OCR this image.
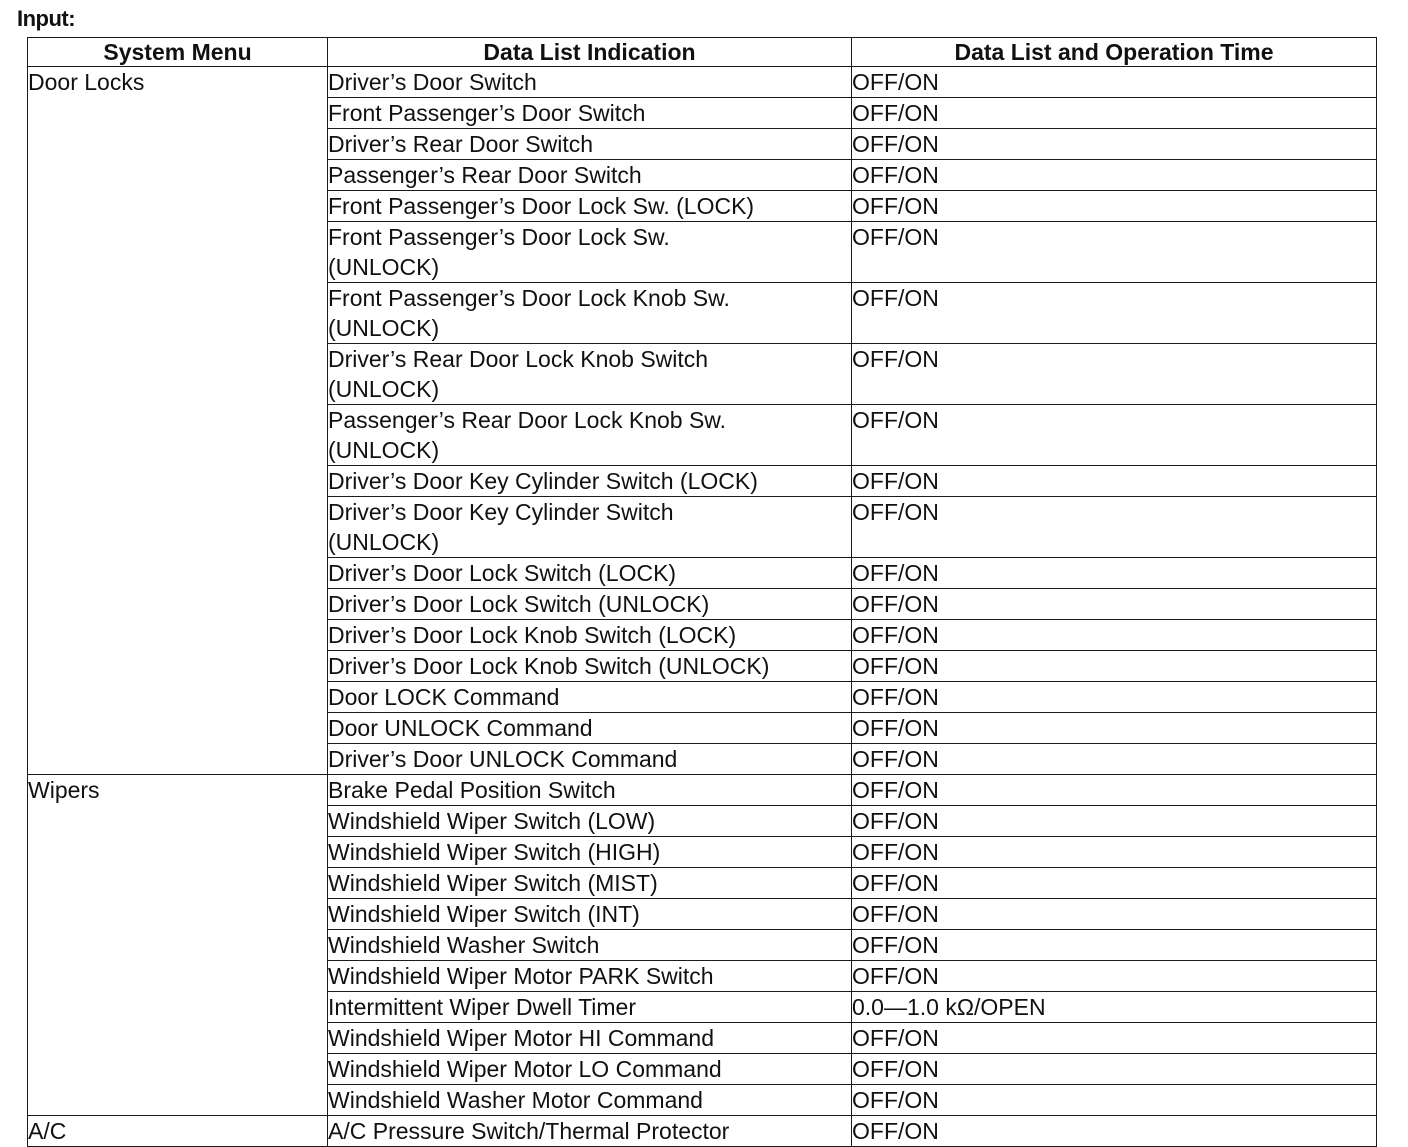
Input:
System Menu	Data List Indication	Data List and Operation Time
Door Locks	Driver’s Door Switch	OFF/ON

	Front Passenger’s Door Switch	OFF/ON

	Driver’s Rear Door Switch	OFF/ON

	Passenger’s Rear Door Switch	OFF/ON

	Front Passenger’s Door Lock Sw. (LOCK)	OFF/ON

	Front Passenger’s Door Lock Sw.
(UNLOCK)	OFF/ON

	Front Passenger’s Door Lock Knob Sw.
(UNLOCK)	OFF/ON

	Driver’s Rear Door Lock Knob Switch
(UNLOCK)	OFF/ON

	Passenger’s Rear Door Lock Knob Sw.
(UNLOCK)	OFF/ON

	Driver’s Door Key Cylinder Switch (LOCK)	OFF/ON

	Driver’s Door Key Cylinder Switch
(UNLOCK)	OFF/ON

	Driver’s Door Lock Switch (LOCK)	OFF/ON

	Driver’s Door Lock Switch (UNLOCK)	OFF/ON

	Driver’s Door Lock Knob Switch (LOCK)	OFF/ON

	Driver’s Door Lock Knob Switch (UNLOCK)	OFF/ON

	Door LOCK Command	OFF/ON

	Door UNLOCK Command	OFF/ON

	Driver’s Door UNLOCK Command	OFF/ON
Wipers	Brake Pedal Position Switch	OFF/ON

	Windshield Wiper Switch (LOW)	OFF/ON

	Windshield Wiper Switch (HIGH)	OFF/ON

	Windshield Wiper Switch (MIST)	OFF/ON

	Windshield Wiper Switch (INT)	OFF/ON

	Windshield Washer Switch	OFF/ON

	Windshield Wiper Motor PARK Switch	OFF/ON

	Intermittent Wiper Dwell Timer	0.0—1.0 kΩ/OPEN

	Windshield Wiper Motor HI Command	OFF/ON

	Windshield Wiper Motor LO Command	OFF/ON

	Windshield Washer Motor Command	OFF/ON
A/C	A/C Pressure Switch/Thermal Protector	OFF/ON
